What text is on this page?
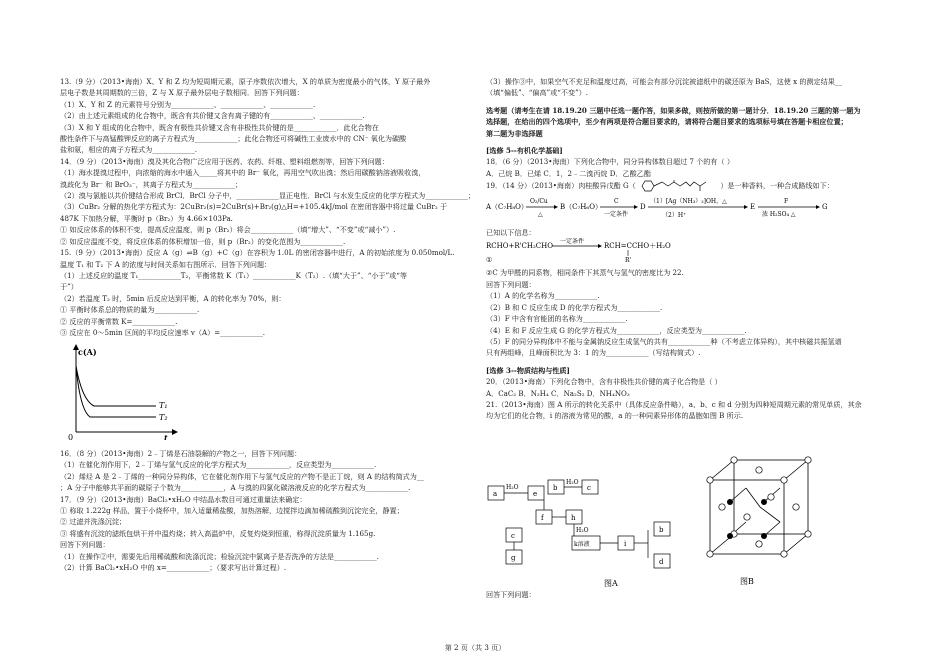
13.（9 分）（2013•海南）X、Y 和 Z 均为短周期元素，原子序数依次增大，X 的单质为密度最小的气体，Y 原子最外

层电子数是其周期数的三倍，Z 与 X 原子最外层电子数相同．回答下列问题：

（1）X、Y 和 Z 的元素符号分别为____________、____________、____________.

（2）由上述元素组成的化合物中，既含有共价键又含有离子键的有____________、____________.

（3）X 和 Y 组成的化合物中，既含有极性共价键又含有非极性共价键的是____________．此化合物在

酸性条件下与高锰酸钾反应的离子方程式为____________；此化合物还可将碱性工业废水中的 CN⁻ 氧化为碳酸

盐和氨，相应的离子方程式为____________.

14．（9 分）（2013•海南）溴及其化合物广泛应用于医药、农药、纤维、塑料组燃剂等，回答下列问题：

（1）海水提溴过程中，向浓缩的海水中通入_____将其中的 Br⁻ 氧化，再用空气吹出溴；然后用碳酸钠溶液吸收溴，

溴歧化为 Br⁻ 和 BrO₃⁻，其离子方程式为____________；

（2）溴与氯能以共价键结合形成 BrCl．BrCl 分子中，____________显正电性．BrCl 与水发生反应的化学方程式为____________；

（3）CuBr₂ 分解的热化学方程式为：2CuBr₂(s)=2CuBr(s)+Br₂(g)△H=+105.4kJ/mol 在密闭容器中将过量 CuBr₂ 于

487K 下加热分解，平衡时 p（Br₂）为 4.66×103Pa.

① 如反应体系的体积不变，提高反应温度，则 p（Br₂）将会____________（填“增大”、“不变”或“减小”）.

② 如反应温度不变，将反应体系的体积增加一倍，则 p（Br₂）的变化范围为____________.

15.（9 分）（2013•海南）反应 A（g）⇌B（g）+C（g）在容积为 1.0L 的密闭容器中进行，A 的初始浓度为 0.050mol/L.

温度 T₁ 和 T₂ 下 A 的浓度与时间关系如右图所示．回答下列问题：

（1）上述反应的温度 T₁____________T₂，平衡常数 K（T₁）____________K（T₂）.（填“大于”、“小于”或“等

于”）

（2）若温度 T₂ 时，5min 后反应达到平衡，A 的转化率为 70%，则：

① 平衡时体系总的物质的量为____________.

② 反应的平衡常数 K=____________.

③ 反应在 0～5min 区间的平均反应速率 v（A）=____________.

c(A)
t
T₁
T₂
0

16．（8 分）（2013•海南）2﹣丁烯是石油裂解的产物之一，回答下列问题：

（1）在催化剂作用下，2﹣丁烯与氢气反应的化学方程式为____________，反应类型为____________.

（2）烯烃 A 是 2﹣丁烯的一种同分异构体，它在催化剂作用下与氢气反应的产物不是正丁烷，则 A 的结构简式为__

；A 分子中能够共平面的碳原子个数为____________，A 与溴的四氯化碳溶液反应的化学方程式为____________.

17．（9 分）（2013•海南）BaCl₂•xH₂O 中结晶水数目可通过重量法来确定：

① 称取 1.222g 样品，置于小烧杯中，加入适量稀盐酸，加热溶解，边搅拌边滴加稀硫酸到沉淀完全，静置；

② 过滤并洗涤沉淀；

③ 将盛有沉淀的滤纸包烘干并中温灼烧；转入高温炉中，反复灼烧到恒重，称得沉淀质量为 1.165g.

回答下列问题：

（1）在操作②中，需要先后用稀硫酸和洗涤沉淀；检验沉淀中氯离子是否洗净的方法是____________.

（2）计算 BaCl₂•xH₂O 中的 x=____________；（要求写出计算过程）.

（3）操作③中，如果空气不充足和温度过高，可能会有部分沉淀被滤纸中的碳还原为 BaS，这使 x 的测定结果__

（填“偏低”、“偏高”或“不变”）.

选考题（请考生在请 18.19.20 三题中任选一题作答，如果多做，则按所做的第一题计分．18.19.20 三题的第一题为

选择题，在给出的四个选项中，至少有两项是符合题目要求的，请将符合题目要求的选项标号填在答题卡相应位置；

第二题为非选择题

[选修 5--有机化学基础]

18．（6 分）（2013•海南）下列化合物中，同分异构体数目超过 7 个的有（ ）

A．己烷 B．已烯 C．1，2﹣二溴丙烷 D．乙酸乙酯

19．（14 分）（2013•海南）肉桂酸异戊酯 G（	）是一种香料，一种合成路线如下：

A（C₇H₈O）
O₂/Cu
△
B（C₇H₆O）
C
一定条件
D
（1）[Ag（NH₃）₂]OH，△
（2）H⁺
E
F
浓 H₂SO₄ △
G

已知以下信息：

RCHO+R'CH₂CHO
一定条件
RCH=CCHO＋H₂O
R'
①

②C 为甲醛的同系物，相同条件下其蒸气与氢气的密度比为 22.

回答下列问题：

（1）A 的化学名称为____________.

（2）B 和 C 反应生成 D 的化学方程式为____________.

（3）F 中含有官能团的名称为____________.

（4）E 和 F 反应生成 G 的化学方程式为____________，反应类型为____________.

（5）F 的同分异构体中不能与金属钠反应生成氢气的共有____________种（不考虑立体异构），其中核磁共振氢谱

只有两组峰，且峰面积比为 3：1 的为____________（写结构简式）.

[选修 3--物质结构与性质]

20．（2013•海南）下列化合物中，含有非极性共价键的离子化合物是（ ）

A．CaC₂ B．N₂H₄ C．Na₂S₂ D．NH₄NO₃

21.（2013•海南）图 A 所示的转化关系中（具体反应条件略），a、b、c 和 d 分别为四种短周期元素的常见单质，其余

均为它们的化合物，i 的溶液为常见的酸，a 的一种同素异形体的晶胞如图 B 所示.

a
H₂O
e
b
H₂O
c
f	h
H₂O
c
g
k溶液	i
b
d
图A	图B

回答下列问题：

第 2 页（共 3 页）
